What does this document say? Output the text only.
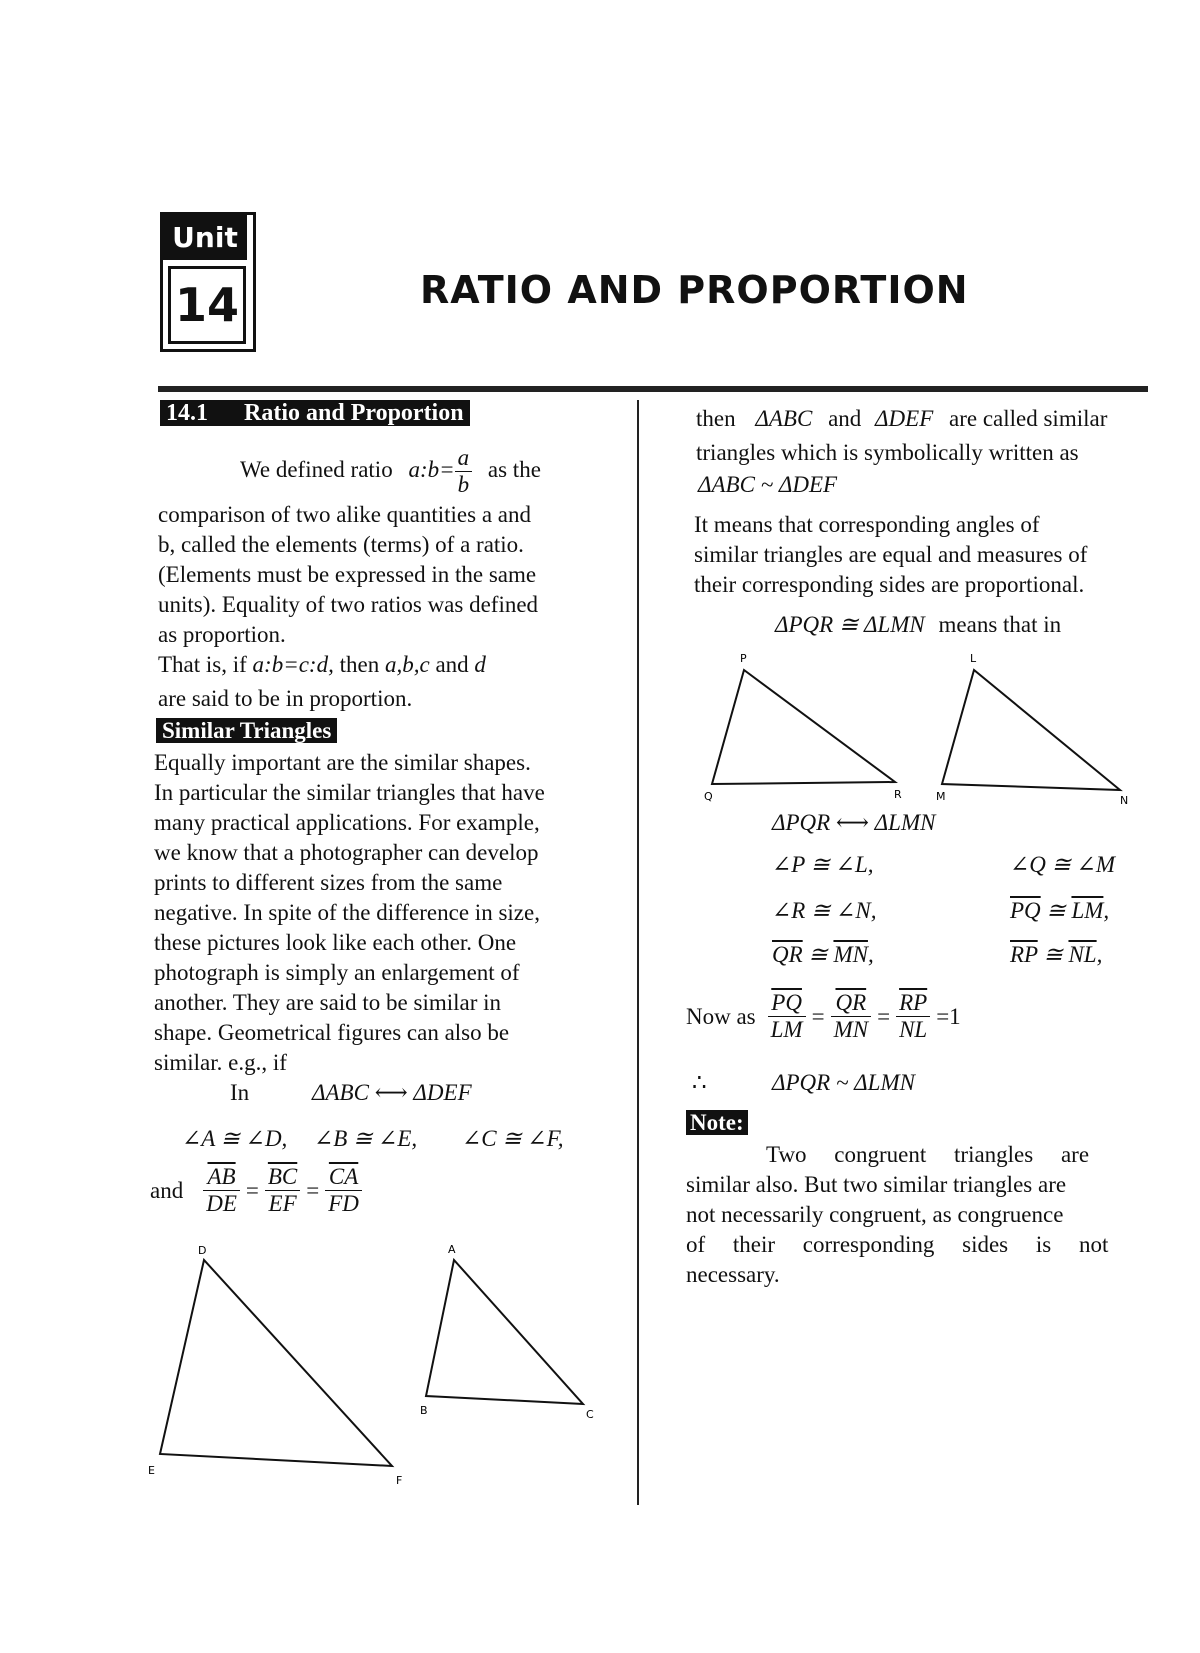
Unit
14	RATIO AND PROPORTION
14.1 Ratio and Proportion
We defined ratio a:b= $\frac{a}{b}$ as the
comparison of two alike quantities a and
b, called the elements (terms) of a ratio.
(Elements must be expressed in the same
units). Equality of two ratios was defined
as proportion.
That is, if a:b=c:d, then a,b,c and d
are said to be in proportion.
Similar Triangles
Equally important are the similar shapes.
In particular the similar triangles that have
many practical applications. For example,
we know that a photographer can develop
prints to different sizes from the same
negative. In spite of the difference in size,
these pictures look like each other. One
photograph is simply an enlargement of
another. They are said to be similar in
shape. Geometrical figures can also be
similar. e.g., if
In	ΔABC ⟷ ΔDEF
∠A ≅ ∠D, ∠B ≅ ∠E, ∠C ≅ ∠F,
and $\frac{\overline{AB}}{DE} = \frac{\overline{BC}}{EF} = \frac{\overline{CA}}{FD}$
D
E
F
A
B	C
then ΔABC and ΔDEF are called similar
triangles which is symbolically written as
ΔABC ~ ΔDEF
It means that corresponding angles of
similar triangles are equal and measures of
their corresponding sides are proportional.
ΔPQR ≅ ΔLMN means that in
P
Q	R
L
M	N
ΔPQR ⟷ ΔLMN
∠P ≅ ∠L,	∠Q ≅ ∠M
∠R ≅ ∠N,	$\overline{PQ}$ ≅ $\overline{LM}$,
$\overline{QR}$ ≅ $\overline{MN}$,	$\overline{RP}$ ≅ $\overline{NL}$,
Now as $\frac{\overline{PQ}}{LM} = \frac{\overline{QR}}{MN} = \frac{\overline{RP}}{NL} =1$
∴	ΔPQR ~ ΔLMN
Note:
Two congruent triangles are
similar also. But two similar triangles are
not necessarily congruent, as congruence
of their corresponding sides is not
necessary.
